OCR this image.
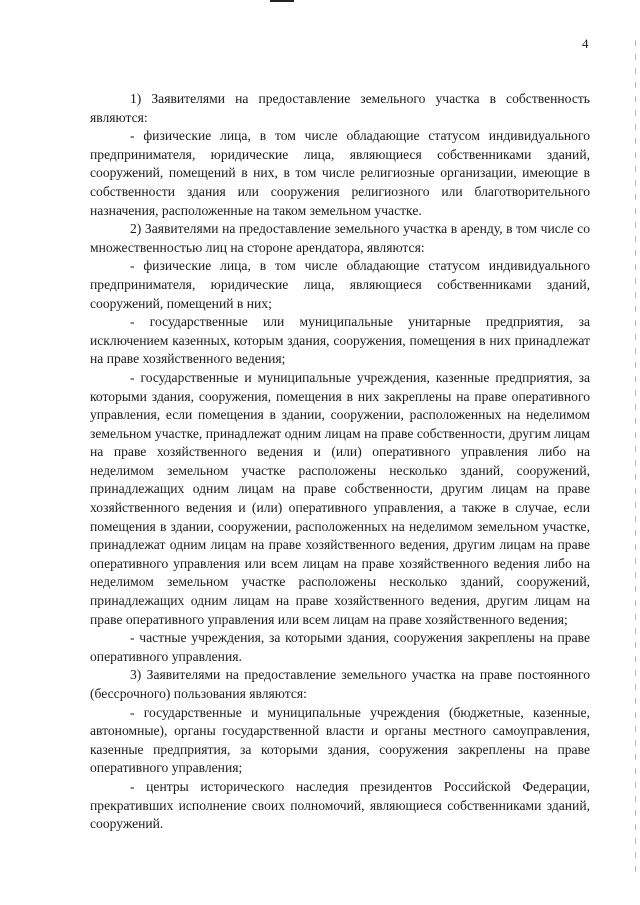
4

1) Заявителями на предоставление земельного участка в собственность являются:

- физические лица, в том числе обладающие статусом индивидуального предпринимателя, юридические лица, являющиеся собственниками зданий, сооружений, помещений в них, в том числе религиозные организации, имеющие в собственности здания или сооружения религиозного или благотворительного назначения, расположенные на таком земельном участке.

2) Заявителями на предоставление земельного участка в аренду, в том числе со множественностью лиц на стороне арендатора, являются:

- физические лица, в том числе обладающие статусом индивидуального предпринимателя, юридические лица, являющиеся собственниками зданий, сооружений, помещений в них;

- государственные или муниципальные унитарные предприятия, за исключением казенных, которым здания, сооружения, помещения в них принадлежат на праве хозяйственного ведения;

- государственные и муниципальные учреждения, казенные предприятия, за которыми здания, сооружения, помещения в них закреплены на праве оперативного управления, если помещения в здании, сооружении, расположенных на неделимом земельном участке, принадлежат одним лицам на праве собственности, другим лицам на праве хозяйственного ведения и (или) оперативного управления либо на неделимом земельном участке расположены несколько зданий, сооружений, принадлежащих одним лицам на праве собственности, другим лицам на праве хозяйственного ведения и (или) оперативного управления, а также в случае, если помещения в здании, сооружении, расположенных на неделимом земельном участке, принадлежат одним лицам на праве хозяйственного ведения, другим лицам на праве оперативного управления или всем лицам на праве хозяйственного ведения либо на неделимом земельном участке расположены несколько зданий, сооружений, принадлежащих одним лицам на праве хозяйственного ведения, другим лицам на праве оперативного управления или всем лицам на праве хозяйственного ведения;

- частные учреждения, за которыми здания, сооружения закреплены на праве оперативного управления.

3) Заявителями на предоставление земельного участка на праве постоянного (бессрочного) пользования являются:

- государственные и муниципальные учреждения (бюджетные, казенные, автономные), органы государственной власти и органы местного самоуправления, казенные предприятия, за которыми здания, сооружения закреплены на праве оперативного управления;

- центры исторического наследия президентов Российской Федерации, прекративших исполнение своих полномочий, являющиеся собственниками зданий, сооружений.
